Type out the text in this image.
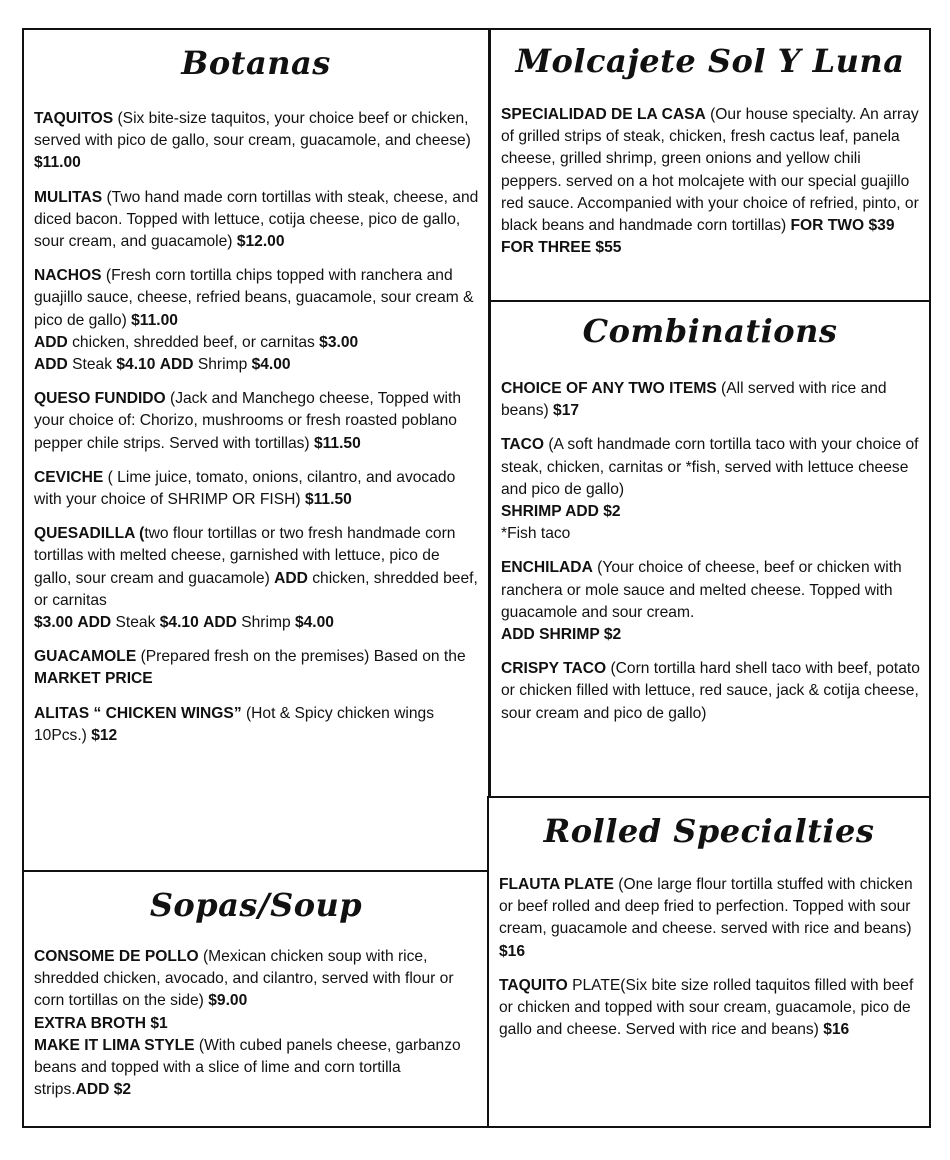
Botanas

TAQUITOS (Six bite-size taquitos, your choice beef or chicken, served with pico de gallo, sour cream, guacamole, and cheese) $11.00

MULITAS (Two hand made corn tortillas with steak, cheese, and diced bacon. Topped with lettuce, cotija cheese, pico de gallo, sour cream, and guacamole) $12.00

NACHOS (Fresh corn tortilla chips topped with ranchera and guajillo sauce, cheese, refried beans, guacamole, sour cream & pico de gallo) $11.00
ADD chicken, shredded beef, or carnitas $3.00
ADD Steak $4.10 ADD Shrimp $4.00

QUESO FUNDIDO (Jack and Manchego cheese, Topped with your choice of: Chorizo, mushrooms or fresh roasted poblano pepper chile strips. Served with tortillas) $11.50

CEVICHE ( Lime juice, tomato, onions, cilantro, and avocado with your choice of SHRIMP OR FISH) $11.50

QUESADILLA (two flour tortillas or two fresh handmade corn tortillas with melted cheese, garnished with lettuce, pico de gallo, sour cream and guacamole) ADD chicken, shredded beef, or carnitas
$3.00 ADD Steak $4.10 ADD Shrimp $4.00

GUACAMOLE (Prepared fresh on the premises) Based on the MARKET PRICE

ALITAS “ CHICKEN WINGS” (Hot & Spicy chicken wings 10Pcs.) $12

Sopas/Soup

CONSOME DE POLLO (Mexican chicken soup with rice, shredded chicken, avocado, and cilantro, served with flour or corn tortillas on the side) $9.00
EXTRA BROTH $1
MAKE IT LIMA STYLE (With cubed panels cheese, garbanzo beans and topped with a slice of lime and corn tortilla strips.ADD $2

Molcajete Sol Y Luna

SPECIALIDAD DE LA CASA (Our house specialty. An array of grilled strips of steak, chicken, fresh cactus leaf, panela cheese, grilled shrimp, green onions and yellow chili peppers. served on a hot molcajete with our special guajillo red sauce. Accompanied with your choice of refried, pinto, or black beans and handmade corn tortillas) FOR TWO $39 FOR THREE $55

Combinations

CHOICE OF ANY TWO ITEMS (All served with rice and beans) $17

TACO (A soft handmade corn tortilla taco with your choice of steak, chicken, carnitas or *fish, served with lettuce cheese and pico de gallo)
SHRIMP ADD $2
*Fish taco

ENCHILADA (Your choice of cheese, beef or chicken with ranchera or mole sauce and melted cheese. Topped with guacamole and sour cream.
ADD SHRIMP $2

CRISPY TACO (Corn tortilla hard shell taco with beef, potato or chicken filled with lettuce, red sauce, jack & cotija cheese, sour cream and pico de gallo)

Rolled Specialties

FLAUTA PLATE (One large flour tortilla stuffed with chicken or beef rolled and deep fried to perfection. Topped with sour cream, guacamole and cheese. served with rice and beans) $16

TAQUITO PLATE(Six bite size rolled taquitos filled with beef or chicken and topped with sour cream, guacamole, pico de gallo and cheese. Served with rice and beans) $16
